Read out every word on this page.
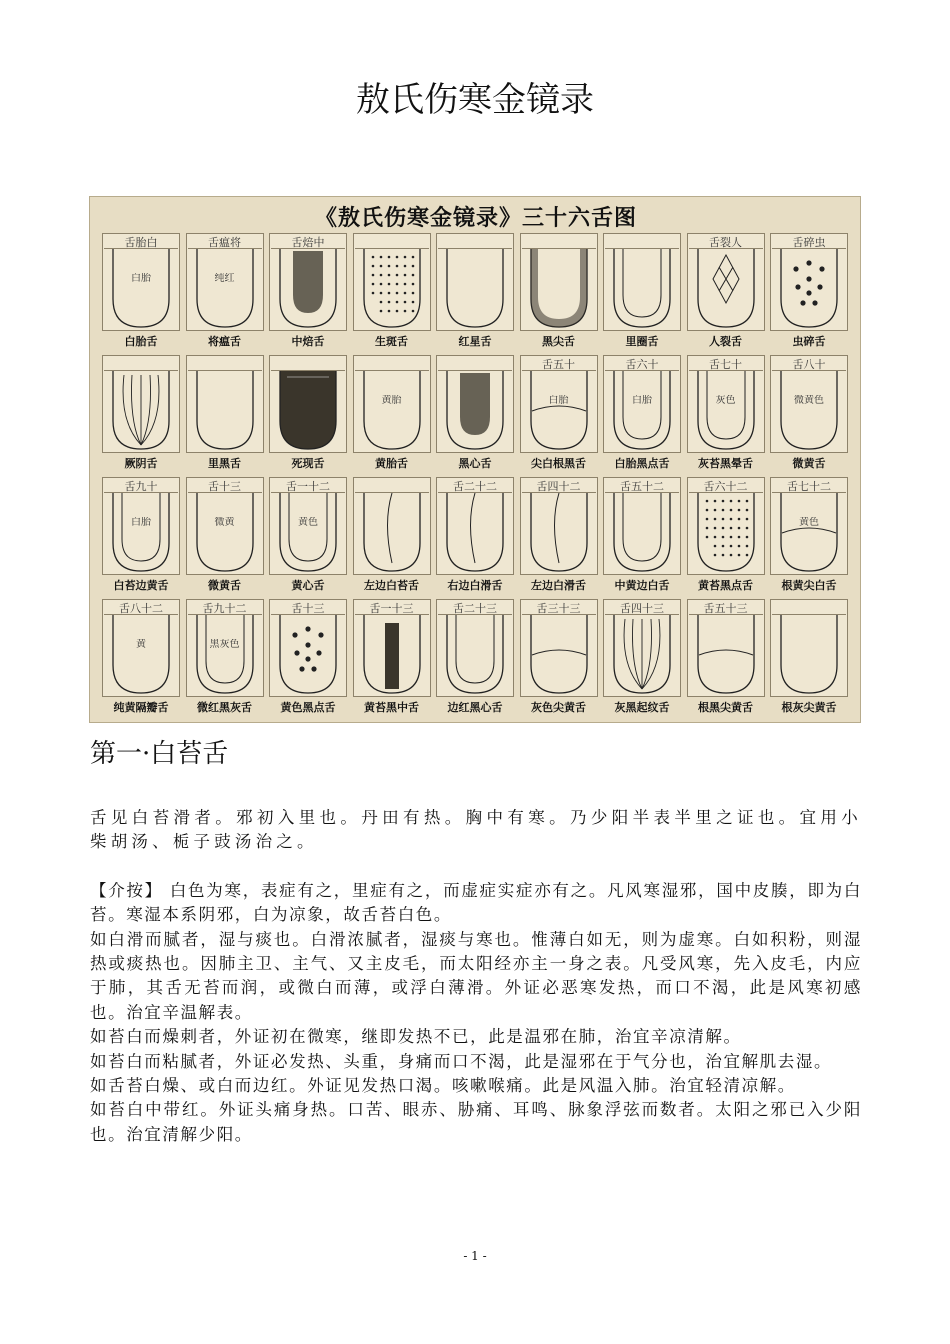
敖氏伤寒金镜录
《敖氏伤寒金镜录》三十六舌图
舌胎白
白胎
白胎舌
舌瘟将
纯红
将瘟舌
舌焙中
中焙舌	生斑舌	红星舌	黑尖舌	里圈舌
舌裂人
人裂舌
舌碎虫
虫碎舌
厥阴舌	里黑舌	死现舌
黄胎
黄胎舌	黑心舌
舌五十
白胎
尖白根黑舌
舌六十
白胎
白胎黑点舌
舌七十
灰色
灰苔黑晕舌
舌八十
微黄色
微黄舌
舌九十
白胎
白苔边黄舌
舌十三
微黄
微黄舌
舌一十二
黄色
黄心舌	左边白苔舌
舌二十二
右边白滑舌
舌四十二
左边白滑舌
舌五十二
中黄边白舌
舌六十二
黄苔黑点舌
舌七十二
黄色
根黄尖白舌
舌八十二
黄
纯黄隔瓣舌
舌九十二
黑灰色
微红黑灰舌
舌十三
黄色黑点舌
舌一十三
黄苔黑中舌
舌二十三
边红黑心舌
舌三十三
灰色尖黄舌
舌四十三
灰黑起纹舌
舌五十三
根黑尖黄舌	根灰尖黄舌
第一·白苔舌

舌见白苔滑者。邪初入里也。丹田有热。胸中有寒。乃少阳半表半里之证也。宜用小柴胡汤、栀子豉汤治之。

【介按】 白色为寒，表症有之，里症有之，而虚症实症亦有之。凡风寒湿邪，国中皮腠，即为白苔。寒湿本系阴邪，白为凉象，故舌苔白色。

如白滑而腻者，湿与痰也。白滑浓腻者，湿痰与寒也。惟薄白如无，则为虚寒。白如积粉，则湿热或痰热也。因肺主卫、主气、又主皮毛，而太阳经亦主一身之表。凡受风寒，先入皮毛，内应于肺，其舌无苔而润，或微白而薄，或浮白薄滑。外证必恶寒发热，而口不渴，此是风寒初感也。治宜辛温解表。

如苔白而燥刺者，外证初在微寒，继即发热不已，此是温邪在肺，治宜辛凉清解。

如苔白而粘腻者，外证必发热、头重，身痛而口不渴，此是湿邪在于气分也，治宜解肌去湿。

如舌苔白燥、或白而边红。外证见发热口渴。咳嗽喉痛。此是风温入肺。治宜轻清凉解。

如苔白中带红。外证头痛身热。口苦、眼赤、胁痛、耳鸣、脉象浮弦而数者。太阳之邪已入少阳也。治宜清解少阳。

- 1 -
